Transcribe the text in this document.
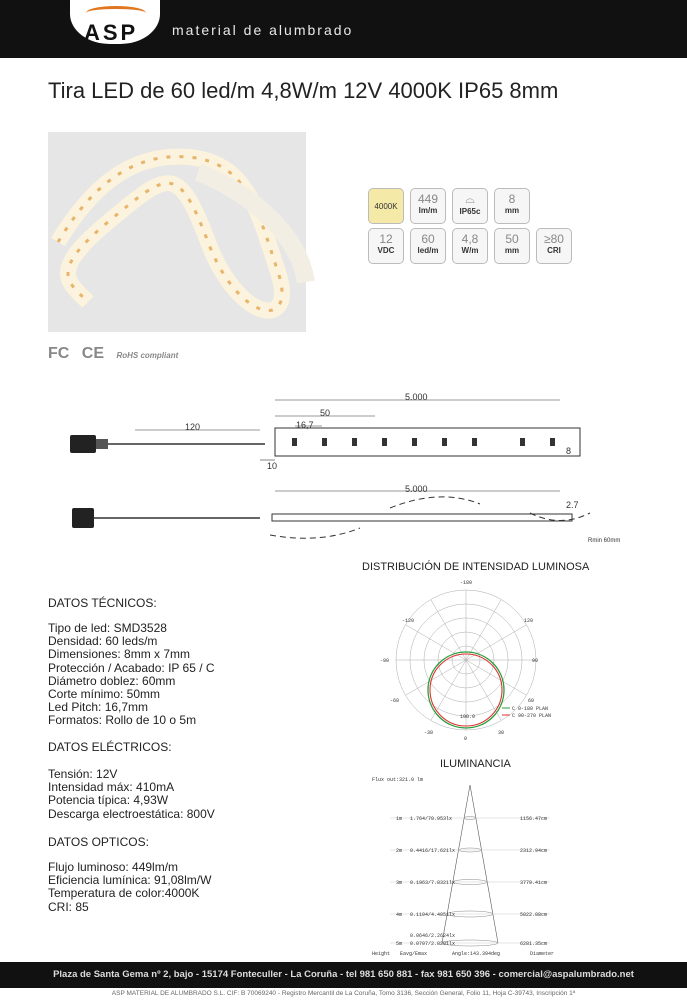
ASP material de alumbrado
Tira LED de 60 led/m 4,8W/m 12V 4000K IP65 8mm
4000K
449
lm/m
⌓
IP65c
8
mm
12
VDC
60
led/m
4,8
W/m
50
mm
≥80
CRI
FC CE RoHS compliant
5.000
50
16,7
120
10
8
5.000
2.7
Rmin 60mm
DISTRIBUCIÓN DE INTENSIDAD LUMINOSA
-180
-120	120
-90	90
-60	60
-30	30
0
100.0
C 0-180 PLAN
C 90-270 PLAN
ILUMINANCIA
Flux out:321.0 lm
1m 1.764/70.953lx	1156.47cm
2m 0.4416/17.621lx	2312.94cm
3m 0.1963/7.8321lx	3779.41cm
4m 0.1104/4.4051lx	5022.88cm
0.0646/2.2624lx
5m 0.0707/2.8201lx	6281.35cm
Height Eavg/Emax	Angle:143.394deg	Diameter
DATOS TÉCNICOS:
Tipo de led: SMD3528
Densidad: 60 leds/m
Dimensiones: 8mm x 7mm
Protección / Acabado: IP 65 / C
Diámetro doblez: 60mm
Corte mínimo: 50mm
Led Pitch: 16,7mm
Formatos: Rollo de 10 o 5m
DATOS ELÉCTRICOS:
Tensión: 12V
Intensidad máx: 410mA
Potencia típica: 4,93W
Descarga electroestática: 800V
DATOS OPTICOS:
Flujo luminoso: 449lm/m
Eficiencia lumínica: 91,08lm/W
Temperatura de color:4000K
CRI: 85
Plaza de Santa Gema nº 2, bajo - 15174 Fonteculler - La Coruña - tel 981 650 881 - fax 981 650 396 - comercial@aspalumbrado.net
ASP MATERIAL DE ALUMBRADO S.L. CIF: B 70069240 - Registro Mercantil de La Coruña, Tomo 3136, Sección General, Folio 11, Hoja C-39743, Inscripción 1ª
